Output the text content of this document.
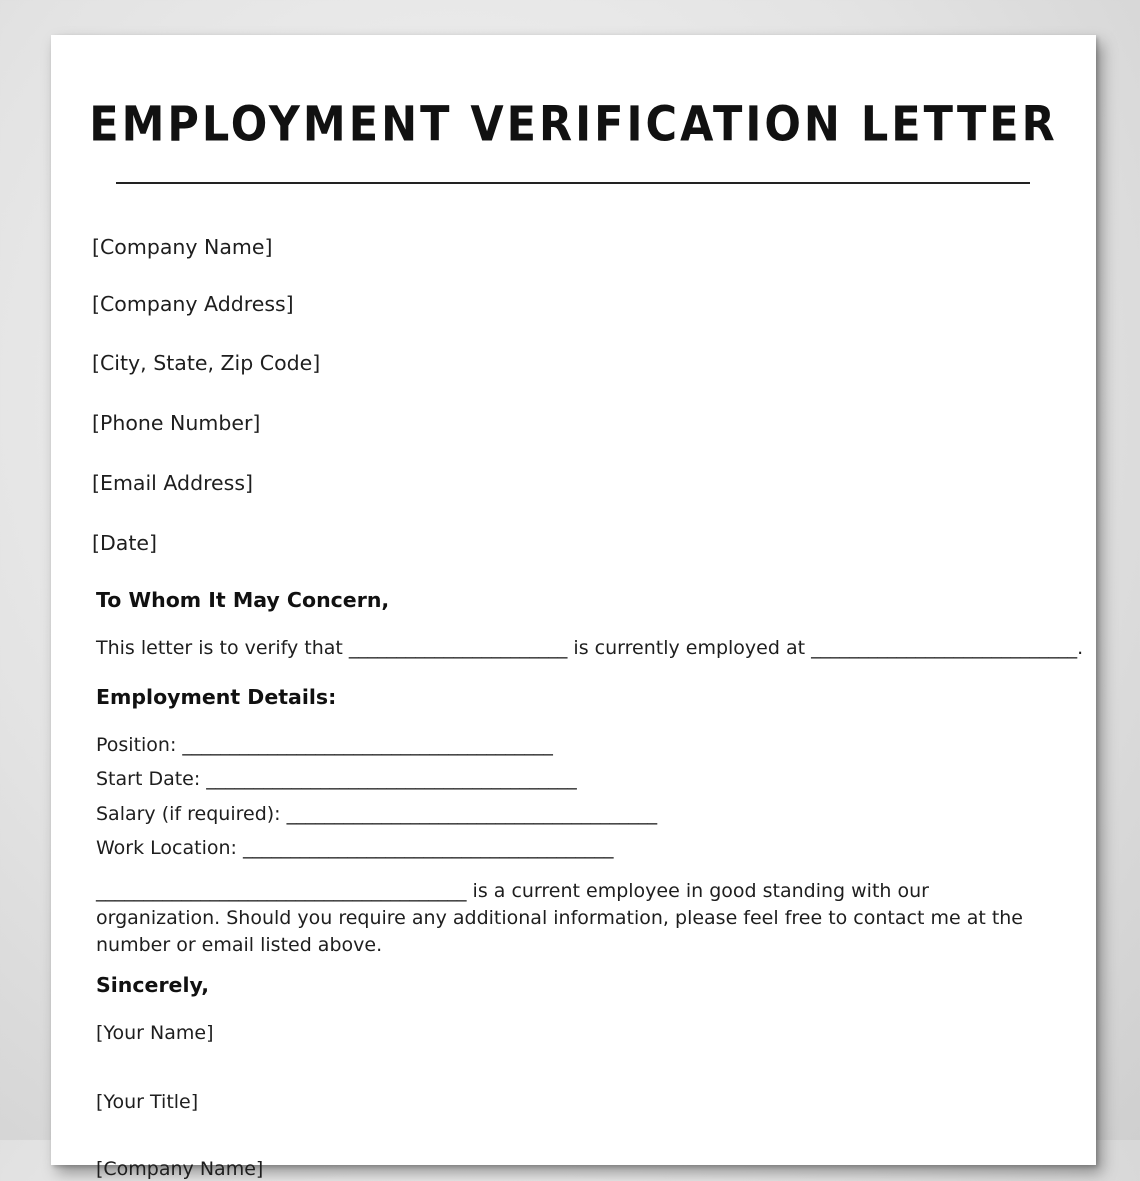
EMPLOYMENT VERIFICATION LETTER
[Company Name]
[Company Address]
[City, State, Zip Code]
[Phone Number]
[Email Address]
[Date]
To Whom It May Concern,
This letter is to verify that _______________________ is currently employed at ____________________________.
Employment Details:
Position: _______________________________________
Start Date: _______________________________________
Salary (if required): _______________________________________
Work Location: _______________________________________
_______________________________________ is a current employee in good standing with our organization. Should you require any additional information, please feel free to contact me at the number or email listed above.
Sincerely,
[Your Name]
[Your Title]
[Company Name]
